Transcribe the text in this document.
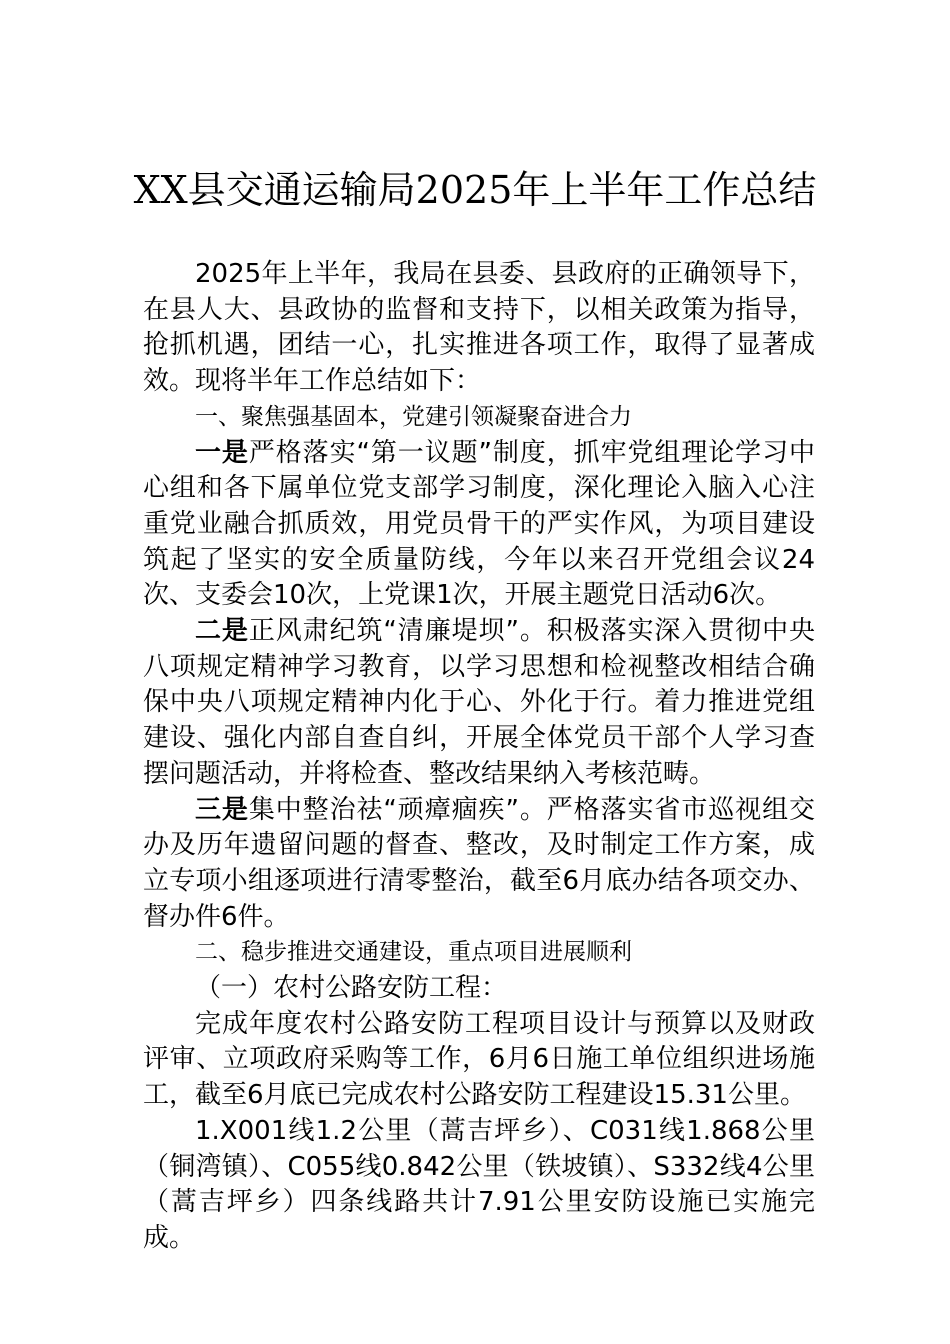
XX县交通运输局2025年上半年工作总结

2025年上半年，我局在县委、县政府的正确领导下，在县人大、县政协的监督和支持下，以相关政策为指导，抢抓机遇，团结一心，扎实推进各项工作，取得了显著成效。现将半年工作总结如下：

一、聚焦强基固本，党建引领凝聚奋进合力

一是严格落实“第一议题”制度，抓牢党组理论学习中心组和各下属单位党支部学习制度，深化理论入脑入心注重党业融合抓质效，用党员骨干的严实作风，为项目建设筑起了坚实的安全质量防线，今年以来召开党组会议24次、支委会10次，上党课1次，开展主题党日活动6次。

二是正风肃纪筑“清廉堤坝”。积极落实深入贯彻中央八项规定精神学习教育，以学习思想和检视整改相结合确保中央八项规定精神内化于心、外化于行。着力推进党组建设、强化内部自查自纠，开展全体党员干部个人学习查摆问题活动，并将检查、整改结果纳入考核范畴。

三是集中整治祛“顽瘴痼疾”。严格落实省市巡视组交办及历年遗留问题的督查、整改，及时制定工作方案，成立专项小组逐项进行清零整治，截至6月底办结各项交办、督办件6件。

二、稳步推进交通建设，重点项目进展顺利

（一）农村公路安防工程：

完成年度农村公路安防工程项目设计与预算以及财政评审、立项政府采购等工作，6月6日施工单位组织进场施工，截至6月底已完成农村公路安防工程建设15.31公里。

1.X001线1.2公里（蒿吉坪乡）、C031线1.868公里（铜湾镇）、C055线0.842公里（铁坡镇）、S332线4公里（蒿吉坪乡）四条线路共计7.91公里安防设施已实施完成。
